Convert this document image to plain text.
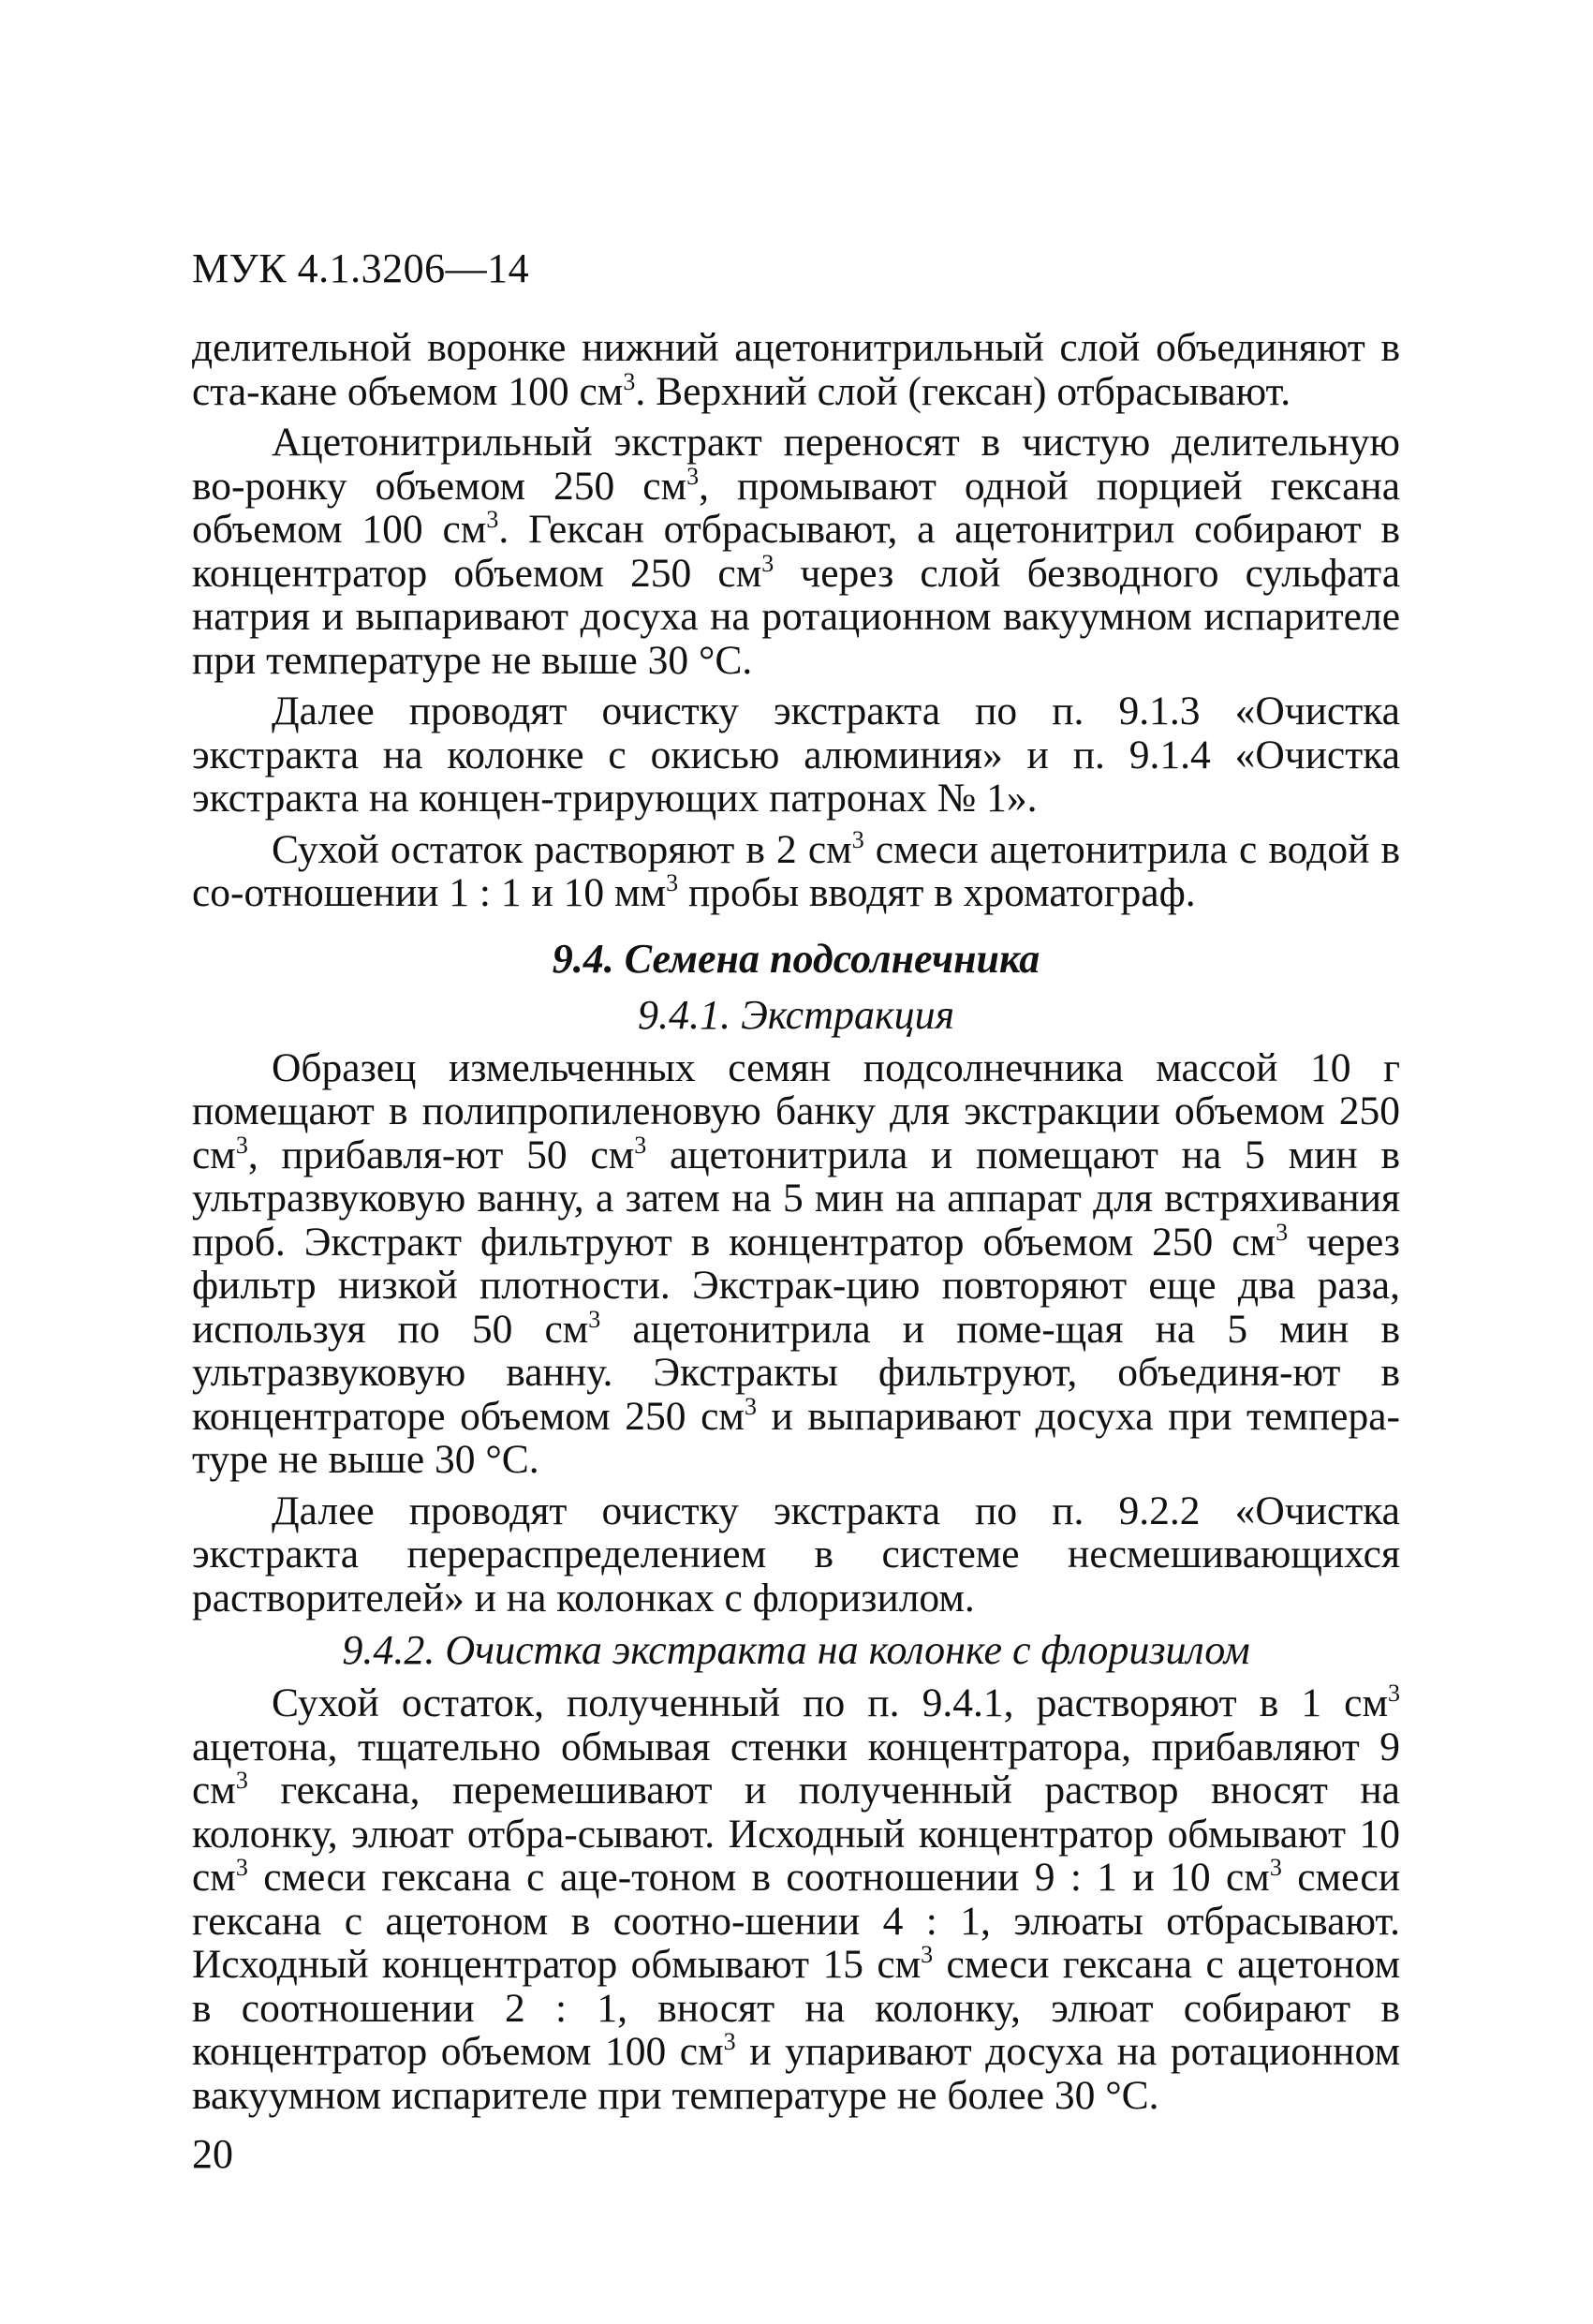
МУК 4.1.3206—14

делительной воронке нижний ацетонитрильный слой объединяют в ста-кане объемом 100 $см^3$. Верхний слой (гексан) отбрасывают.

Ацетонитрильный экстракт переносят в чистую делительную во-ронку объемом 250 $см^3$, промывают одной порцией гексана объемом 100 $см^3$. Гексан отбрасывают, а ацетонитрил собирают в концентратор объемом 250 $см^3$ через слой безводного сульфата натрия и выпаривают досуха на ротационном вакуумном испарителе при температуре не выше 30 °С.

Далее проводят очистку экстракта по п. 9.1.3 «Очистка экстракта на колонке с окисью алюминия» и п. 9.1.4 «Очистка экстракта на концен-трирующих патронах № 1».

Сухой остаток растворяют в 2 $см^3$ смеси ацетонитрила с водой в со-отношении 1 : 1 и 10 $мм^3$ пробы вводят в хроматограф.

9.4. Семена подсолнечника
9.4.1. Экстракция

Образец измельченных семян подсолнечника массой 10 г помещают в полипропиленовую банку для экстракции объемом 250 $см^3$, прибавля-ют 50 $см^3$ ацетонитрила и помещают на 5 мин в ультразвуковую ванну, а затем на 5 мин на аппарат для встряхивания проб. Экстракт фильтруют в концентратор объемом 250 $см^3$ через фильтр низкой плотности. Экстрак-цию повторяют еще два раза, используя по 50 $см^3$ ацетонитрила и поме-щая на 5 мин в ультразвуковую ванну. Экстракты фильтруют, объединя-ют в концентраторе объемом 250 $см^3$ и выпаривают досуха при темпера-туре не выше 30 °С.

Далее проводят очистку экстракта по п. 9.2.2 «Очистка экстракта перераспределением в системе несмешивающихся растворителей» и на колонках с флоризилом.

9.4.2. Очистка экстракта на колонке с флоризилом

Сухой остаток, полученный по п. 9.4.1, растворяют в 1 $см^3$ ацетона, тщательно обмывая стенки концентратора, прибавляют 9 $см^3$ гексана, перемешивают и полученный раствор вносят на колонку, элюат отбра-сывают. Исходный концентратор обмывают 10 $см^3$ смеси гексана с аце-тоном в соотношении 9 : 1 и 10 $см^3$ смеси гексана с ацетоном в соотно-шении 4 : 1, элюаты отбрасывают. Исходный концентратор обмывают 15 $см^3$ смеси гексана с ацетоном в соотношении 2 : 1, вносят на колонку, элюат собирают в концентратор объемом 100 $см^3$ и упаривают досуха на ротационном вакуумном испарителе при температуре не более 30 °С.

20
